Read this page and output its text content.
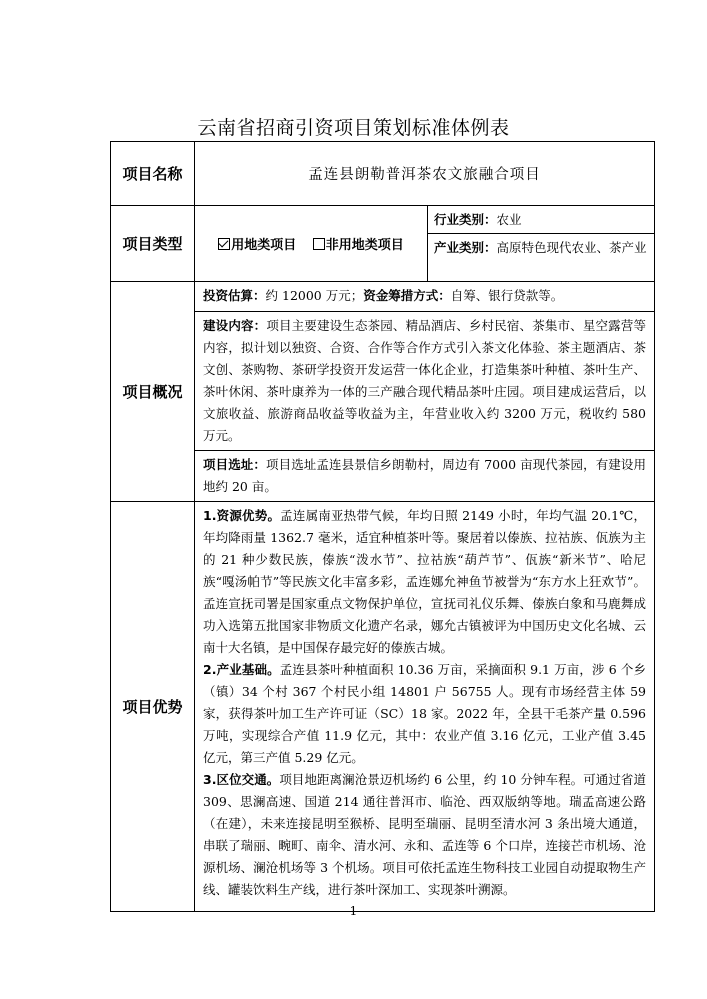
云南省招商引资项目策划标准体例表
项目名称	孟连县朗勒普洱茶农文旅融合项目	
项目类型	用地类项目 非用地类项目	行业类别：农业
		产业类别：高原特色现代农业、茶产业
项目概况	投资估算：约 12000 万元；资金筹措方式：自筹、银行贷款等。	
	建设内容：项目主要建设生态茶园、精品酒店、乡村民宿、茶集市、星空露营等内容，拟计划以独资、合资、合作等合作方式引入茶文化体验、茶主题酒店、茶文创、茶购物、茶研学投资开发运营一体化企业，打造集茶叶种植、茶叶生产、茶叶休闲、茶叶康养为一体的三产融合现代精品茶叶庄园。项目建成运营后，以文旅收益、旅游商品收益等收益为主，年营业收入约 3200 万元，税收约 580 万元。	
	项目选址：项目选址孟连县景信乡朗勒村，周边有 7000 亩现代茶园，有建设用地约 20 亩。	
项目优势	1.资源优势。孟连属南亚热带气候，年均日照 2149 小时，年均气温 20.1℃，年均降雨量 1362.7 毫米，适宜种植茶叶等。聚居着以傣族、拉祜族、佤族为主的 21 种少数民族，傣族“泼水节”、拉祜族“葫芦节”、佤族“新米节”、哈尼族“嘎汤帕节”等民族文化丰富多彩，孟连娜允神鱼节被誉为“东方水上狂欢节”。孟连宣抚司署是国家重点文物保护单位，宣抚司礼仪乐舞、傣族白象和马鹿舞成功入选第五批国家非物质文化遗产名录，娜允古镇被评为中国历史文化名城、云南十大名镇，是中国保存最完好的傣族古城。
2.产业基础。孟连县茶叶种植面积 10.36 万亩，采摘面积 9.1 万亩，涉 6 个乡（镇）34 个村 367 个村民小组 14801 户 56755 人。现有市场经营主体 59 家，获得茶叶加工生产许可证（SC）18 家。2022 年，全县干毛茶产量 0.596 万吨，实现综合产值 11.9 亿元，其中：农业产值 3.16 亿元，工业产值 3.45 亿元，第三产值 5.29 亿元。
3.区位交通。项目地距离澜沧景迈机场约 6 公里，约 10 分钟车程。可通过省道 309、思澜高速、国道 214 通往普洱市、临沧、西双版纳等地。瑞孟高速公路（在建），未来连接昆明至猴桥、昆明至瑞丽、昆明至清水河 3 条出境大通道，串联了瑞丽、畹町、南伞、清水河、永和、孟连等 6 个口岸，连接芒市机场、沧源机场、澜沧机场等 3 个机场。项目可依托孟连生物科技工业园自动提取物生产线、罐装饮料生产线，进行茶叶深加工、实现茶叶溯源。	
1
